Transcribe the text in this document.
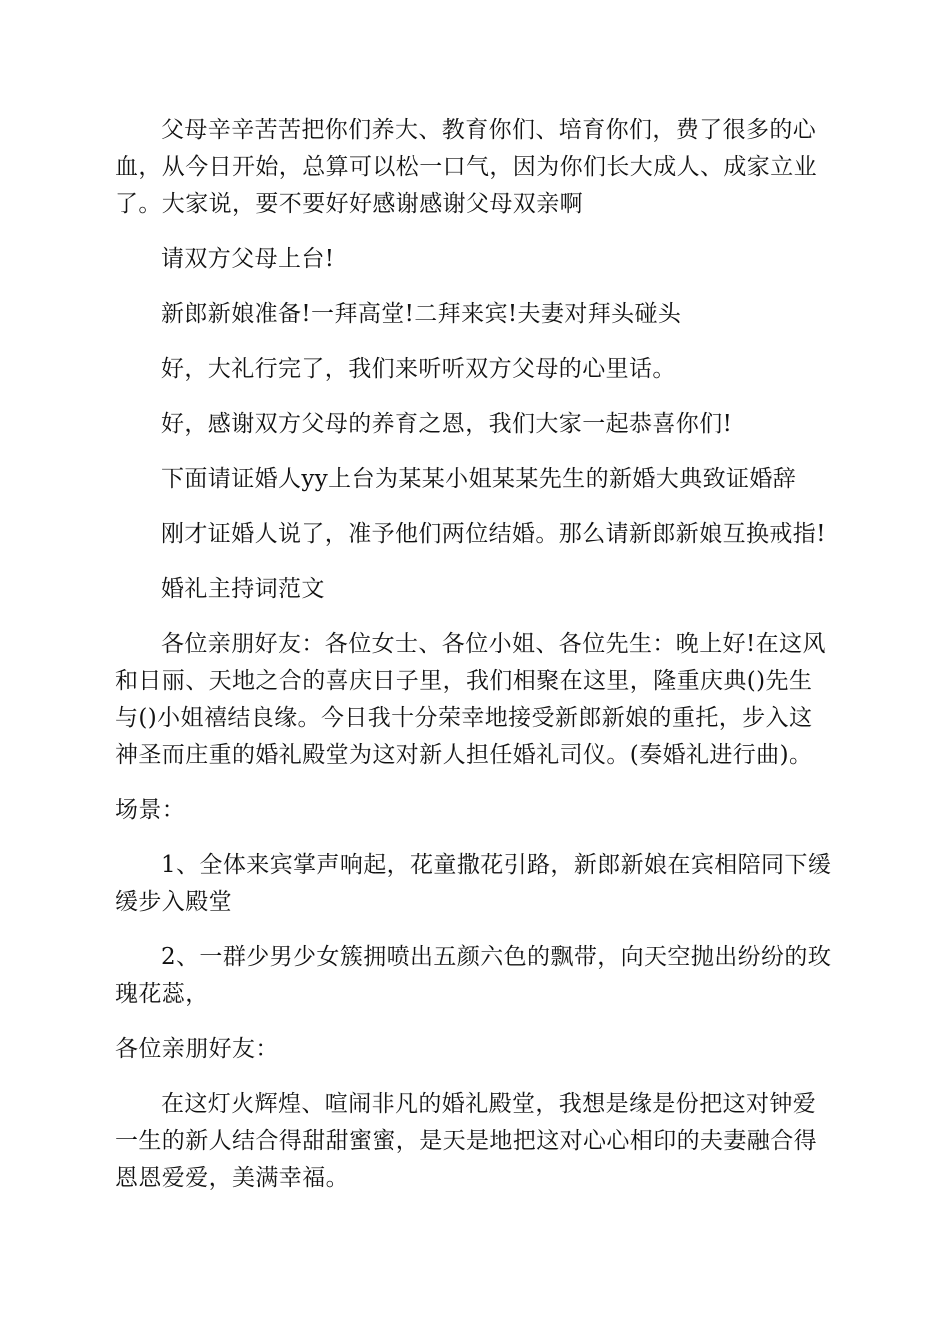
父母辛辛苦苦把你们养大、教育你们、培育你们，费了很多的心血，从今日开始，总算可以松一口气，因为你们长大成人、成家立业了。大家说，要不要好好感谢感谢父母双亲啊

请双方父母上台!

新郎新娘准备!一拜高堂!二拜来宾!夫妻对拜头碰头

好，大礼行完了，我们来听听双方父母的心里话。

好，感谢双方父母的养育之恩，我们大家一起恭喜你们!

下面请证婚人yy上台为某某小姐某某先生的新婚大典致证婚辞

刚才证婚人说了，准予他们两位结婚。那么请新郎新娘互换戒指!

婚礼主持词范文

各位亲朋好友：各位女士、各位小姐、各位先生：晚上好!在这风和日丽、天地之合的喜庆日子里，我们相聚在这里，隆重庆典()先生与()小姐禧结良缘。今日我十分荣幸地接受新郎新娘的重托，步入这神圣而庄重的婚礼殿堂为这对新人担任婚礼司仪。(奏婚礼进行曲)。

场景：

1、全体来宾掌声响起，花童撒花引路，新郎新娘在宾相陪同下缓缓步入殿堂

2、一群少男少女簇拥喷出五颜六色的飘带，向天空抛出纷纷的玫瑰花蕊，

各位亲朋好友：

在这灯火辉煌、喧闹非凡的婚礼殿堂，我想是缘是份把这对钟爱一生的新人结合得甜甜蜜蜜，是天是地把这对心心相印的夫妻融合得恩恩爱爱，美满幸福。
